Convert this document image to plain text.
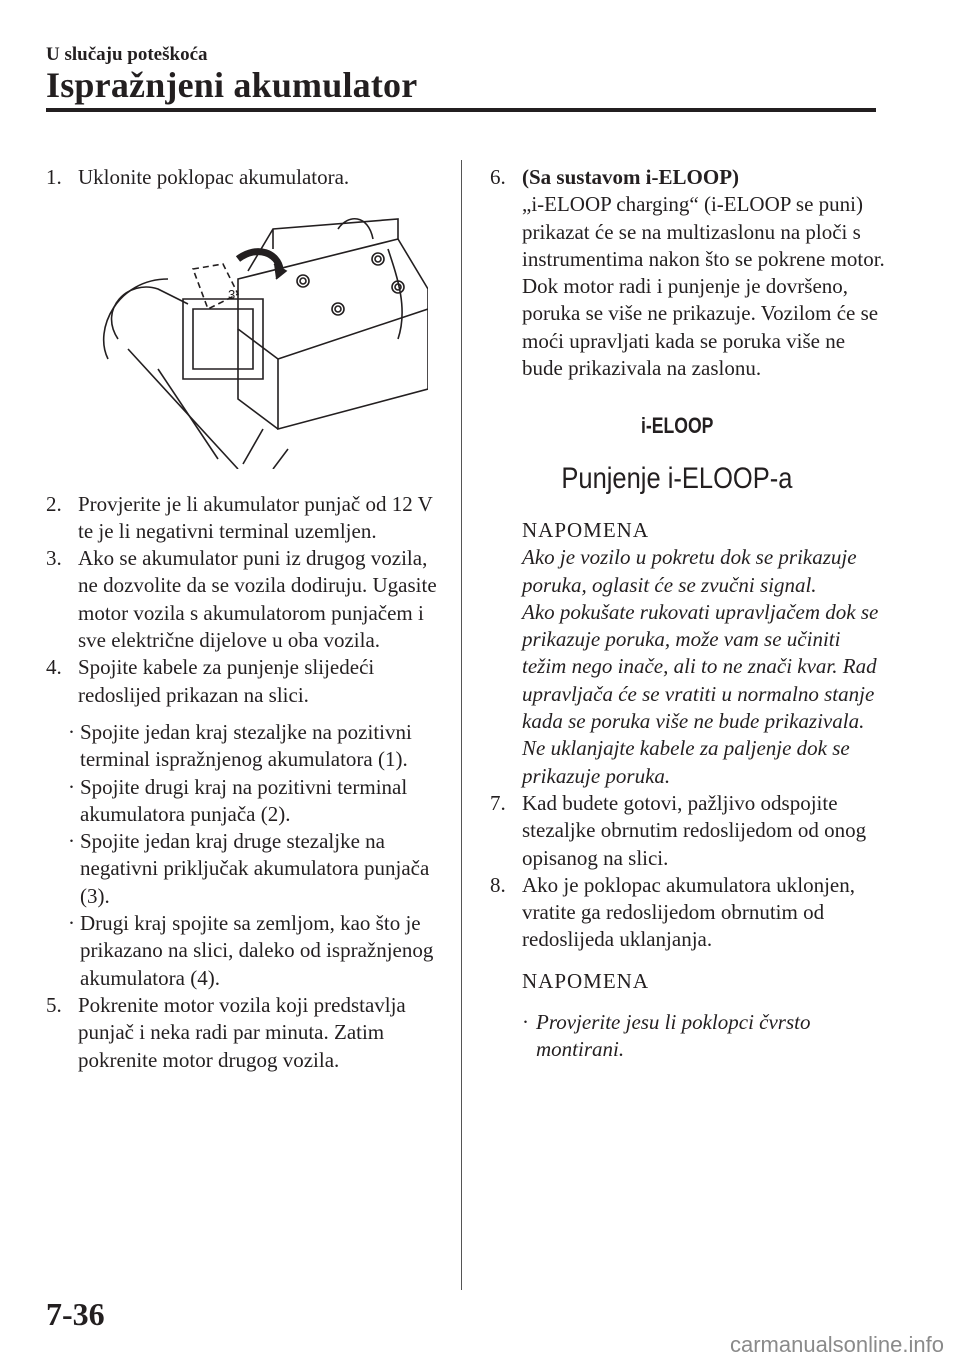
U slučaju poteškoća
Ispražnjeni akumulator
1. Uklonite poklopac akumulatora.
3
2. Provjerite je li akumulator punjač od 12 V te je li negativni terminal uzemljen.
3. Ako se akumulator puni iz drugog vozila, ne dozvolite da se vozila dodiruju. Ugasite motor vozila s akumulatorom punjačem i sve električne dijelove u oba vozila.
4. Spojite kabele za punjenje slijedeći redoslijed prikazan na slici.
· Spojite jedan kraj stezaljke na pozitivni terminal ispražnjenog akumulatora (1).
· Spojite drugi kraj na pozitivni terminal akumulatora punjača (2).
· Spojite jedan kraj druge stezaljke na negativni priključak akumulatora punjača (3).
· Drugi kraj spojite sa zemljom, kao što je prikazano na slici, daleko od ispražnjenog akumulatora (4).
5. Pokrenite motor vozila koji predstavlja punjač i neka radi par minuta. Zatim pokrenite motor drugog vozila.
6. (Sa sustavom i-ELOOP)
„i-ELOOP charging“ (i-ELOOP se puni) prikazat će se na multizaslonu na ploči s instrumentima nakon što se pokrene motor. Dok motor radi i punjenje je dovršeno, poruka se više ne prikazuje. Vozilom će se moći upravljati kada se poruka više ne bude prikazivala na zaslonu.
i-ELOOP
Punjenje i-ELOOP-a
NAPOMENA
Ako je vozilo u pokretu dok se prikazuje poruka, oglasit će se zvučni signal.
Ako pokušate rukovati upravljačem dok se prikazuje poruka, može vam se učiniti težim nego inače, ali to ne znači kvar. Rad upravljača će se vratiti u normalno stanje kada se poruka više ne bude prikazivala. Ne uklanjajte kabele za paljenje dok se prikazuje poruka.
7. Kad budete gotovi, pažljivo odspojite stezaljke obrnutim redoslijedom od onog opisanog na slici.
8. Ako je poklopac akumulatora uklonjen, vratite ga redoslijedom obrnutim od redoslijeda uklanjanja.
NAPOMENA
· Provjerite jesu li poklopci čvrsto montirani.
7-36
carmanualsonline.info
